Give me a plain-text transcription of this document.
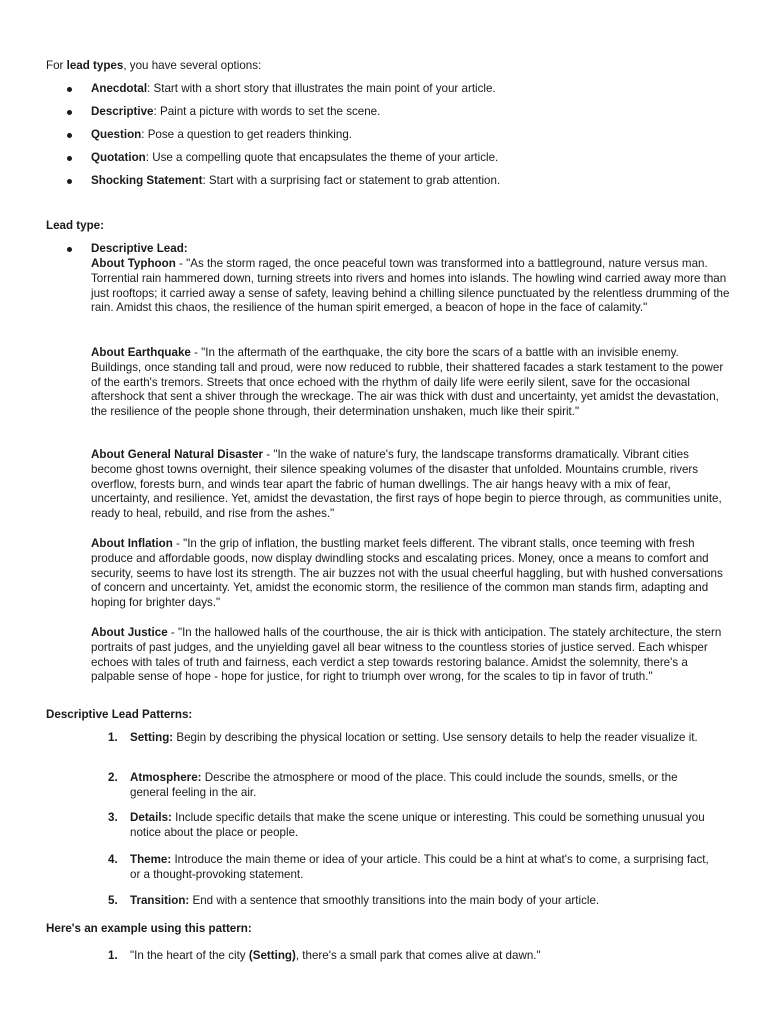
For lead types, you have several options:

Anecdotal: Start with a short story that illustrates the main point of your article.
Descriptive: Paint a picture with words to set the scene.
Question: Pose a question to get readers thinking.
Quotation: Use a compelling quote that encapsulates the theme of your article.
Shocking Statement: Start with a surprising fact or statement to grab attention.

Lead type:

Descriptive Lead:

About Typhoon - "As the storm raged, the once peaceful town was transformed into a battleground, nature versus man. Torrential rain hammered down, turning streets into rivers and homes into islands. The howling wind carried away more than just rooftops; it carried away a sense of safety, leaving behind a chilling silence punctuated by the relentless drumming of the rain. Amidst this chaos, the resilience of the human spirit emerged, a beacon of hope in the face of calamity."

About Earthquake - "In the aftermath of the earthquake, the city bore the scars of a battle with an invisible enemy. Buildings, once standing tall and proud, were now reduced to rubble, their shattered facades a stark testament to the power of the earth's tremors. Streets that once echoed with the rhythm of daily life were eerily silent, save for the occasional aftershock that sent a shiver through the wreckage. The air was thick with dust and uncertainty, yet amidst the devastation, the resilience of the people shone through, their determination unshaken, much like their spirit."

About General Natural Disaster - "In the wake of nature's fury, the landscape transforms dramatically. Vibrant cities become ghost towns overnight, their silence speaking volumes of the disaster that unfolded. Mountains crumble, rivers overflow, forests burn, and winds tear apart the fabric of human dwellings. The air hangs heavy with a mix of fear, uncertainty, and resilience. Yet, amidst the devastation, the first rays of hope begin to pierce through, as communities unite, ready to heal, rebuild, and rise from the ashes."

About Inflation - "In the grip of inflation, the bustling market feels different. The vibrant stalls, once teeming with fresh produce and affordable goods, now display dwindling stocks and escalating prices. Money, once a means to comfort and security, seems to have lost its strength. The air buzzes not with the usual cheerful haggling, but with hushed conversations of concern and uncertainty. Yet, amidst the economic storm, the resilience of the common man stands firm, adapting and hoping for brighter days."

About Justice - "In the hallowed halls of the courthouse, the air is thick with anticipation. The stately architecture, the stern portraits of past judges, and the unyielding gavel all bear witness to the countless stories of justice served. Each whisper echoes with tales of truth and fairness, each verdict a step towards restoring balance. Amidst the solemnity, there's a palpable sense of hope - hope for justice, for right to triumph over wrong, for the scales to tip in favor of truth."

Descriptive Lead Patterns:

1. Setting: Begin by describing the physical location or setting. Use sensory details to help the reader visualize it.
2. Atmosphere: Describe the atmosphere or mood of the place. This could include the sounds, smells, or the general feeling in the air.
3. Details: Include specific details that make the scene unique or interesting. This could be something unusual you notice about the place or people.
4. Theme: Introduce the main theme or idea of your article. This could be a hint at what's to come, a surprising fact, or a thought-provoking statement.
5. Transition: End with a sentence that smoothly transitions into the main body of your article.

Here's an example using this pattern:

1. "In the heart of the city (Setting), there's a small park that comes alive at dawn."
